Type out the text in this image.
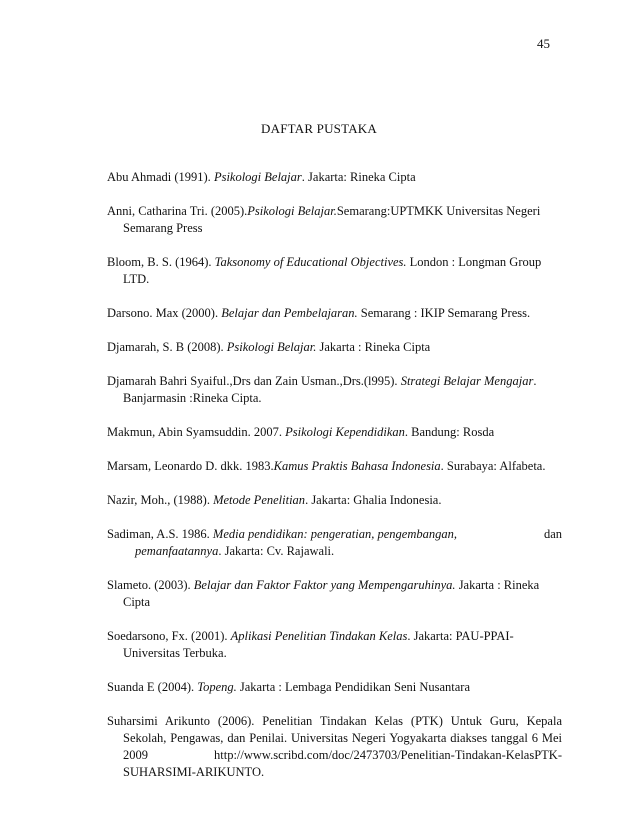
45
DAFTAR PUSTAKA

Abu Ahmadi (1991). Psikologi Belajar. Jakarta: Rineka Cipta

Anni, Catharina Tri. (2005).Psikologi Belajar.Semarang:UPTMKK Universitas Negeri Semarang Press

Bloom, B. S. (1964). Taksonomy of Educational Objectives. London : Longman Group LTD.

Darsono. Max (2000). Belajar dan Pembelajaran. Semarang : IKIP Semarang Press.

Djamarah, S. B (2008). Psikologi Belajar. Jakarta : Rineka Cipta

Djamarah Bahri Syaiful.,Drs dan Zain Usman.,Drs.(l995). Strategi Belajar Mengajar. Banjarmasin :Rineka Cipta.

Makmun, Abin Syamsuddin. 2007. Psikologi Kependidikan. Bandung: Rosda

Marsam, Leonardo D. dkk. 1983.Kamus Praktis Bahasa Indonesia. Surabaya: Alfabeta.

Nazir, Moh., (1988). Metode Penelitian. Jakarta: Ghalia Indonesia.

Sadiman, A.S. 1986. Media pendidikan: pengeratian, pengembangan,	dan
pemanfaatannya. Jakarta: Cv. Rajawali.

Slameto. (2003). Belajar dan Faktor Faktor yang Mempengaruhinya. Jakarta : Rineka Cipta

Soedarsono, Fx. (2001). Aplikasi Penelitian Tindakan Kelas. Jakarta: PAU-PPAI-Universitas Terbuka.

Suanda E (2004). Topeng. Jakarta : Lembaga Pendidikan Seni Nusantara

Suharsimi Arikunto (2006). Penelitian Tindakan Kelas (PTK) Untuk Guru, Kepala Sekolah, Pengawas, dan Penilai. Universitas Negeri Yogyakarta diakses tanggal 6 Mei 2009 http://www.scribd.com/doc/2473703/Penelitian-Tindakan-KelasPTK-SUHARSIMI-ARIKUNTO.
